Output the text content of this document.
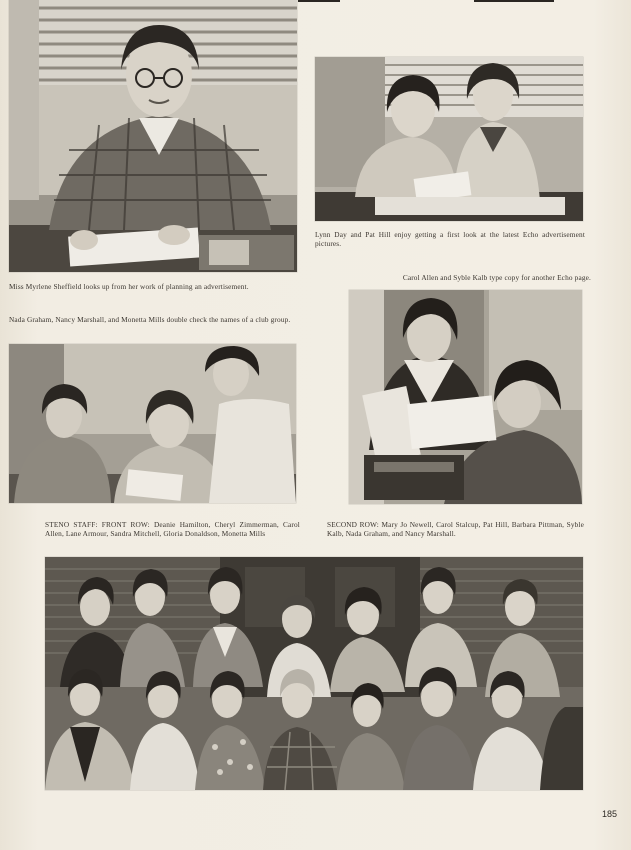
Lynn Day and Pat Hill enjoy getting a first look at the latest Echo advertisement pictures.
Miss Myrlene Sheffield looks up from her work of planning an advertisement.
Carol Allen and Syble Kalb type copy for another Echo page.
Nada Graham, Nancy Marshall, and Monetta Mills double check the names of a club group.
STENO STAFF: FRONT ROW: Deanie Hamilton, Cheryl Zimmerman, Carol Allen, Lane Armour, Sandra Mitchell, Gloria Donaldson, Monetta Mills
SECOND ROW: Mary Jo Newell, Carol Stalcup, Pat Hill, Barbara Pittman, Syble Kalb, Nada Graham, and Nancy Marshall.
185
